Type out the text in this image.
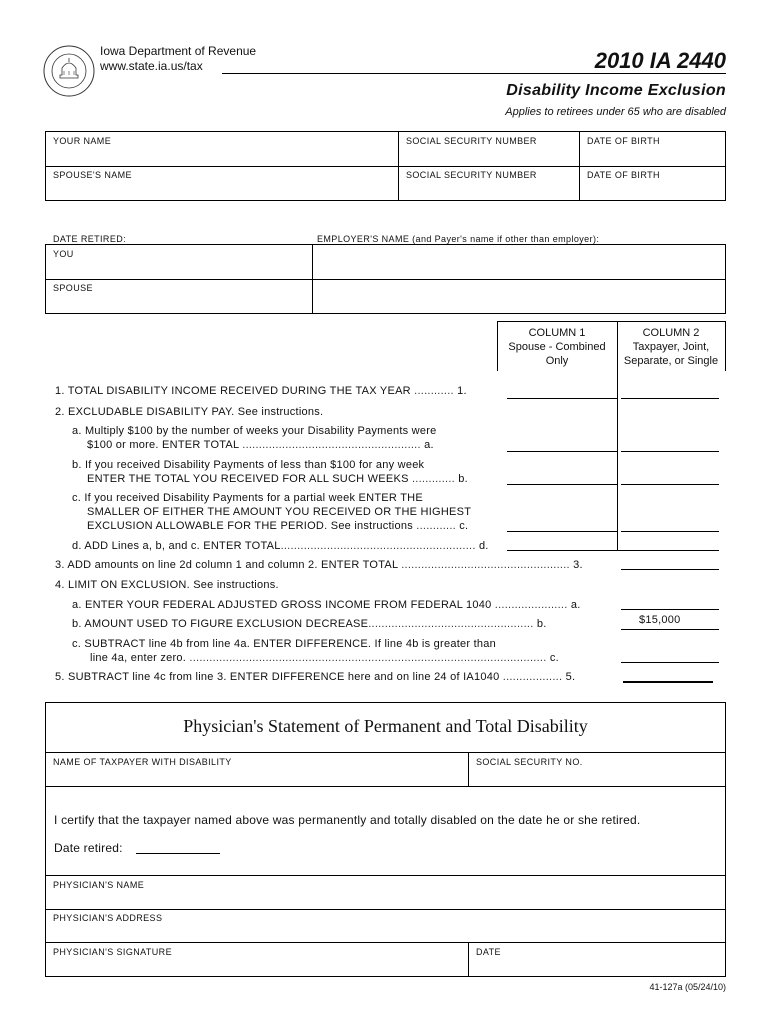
Iowa Department of Revenue
www.state.ia.us/tax	2010 IA 2440
Disability Income Exclusion
Applies to retirees under 65 who are disabled
YOUR NAME	SOCIAL SECURITY NUMBER	DATE OF BIRTH
SPOUSE'S NAME	SOCIAL SECURITY NUMBER	DATE OF BIRTH
DATE RETIRED:	EMPLOYER'S NAME (and Payer's name if other than employer):
YOU
SPOUSE
COLUMN 1
Spouse - Combined
Only
COLUMN 2
Taxpayer, Joint,
Separate, or Single
1. TOTAL DISABILITY INCOME RECEIVED DURING THE TAX YEAR ............ 1.
2. EXCLUDABLE DISABILITY PAY. See instructions.
a. Multiply $100 by the number of weeks your Disability Payments were
$100 or more. ENTER TOTAL ...................................................... a.
b. If you received Disability Payments of less than $100 for any week
ENTER THE TOTAL YOU RECEIVED FOR ALL SUCH WEEKS ............. b.
c. If you received Disability Payments for a partial week ENTER THE
SMALLER OF EITHER THE AMOUNT YOU RECEIVED OR THE HIGHEST
EXCLUSION ALLOWABLE FOR THE PERIOD. See instructions ............ c.
d. ADD Lines a, b, and c. ENTER TOTAL........................................................... d.
3. ADD amounts on line 2d column 1 and column 2. ENTER TOTAL ................................................... 3.
4. LIMIT ON EXCLUSION. See instructions.
a. ENTER YOUR FEDERAL ADJUSTED GROSS INCOME FROM FEDERAL 1040 ...................... a.
b. AMOUNT USED TO FIGURE EXCLUSION DECREASE.................................................. b.	$15,000
c. SUBTRACT line 4b from line 4a. ENTER DIFFERENCE. If line 4b is greater than
line 4a, enter zero. ............................................................................................................ c.
5. SUBTRACT line 4c from line 3. ENTER DIFFERENCE here and on line 24 of IA1040 .................. 5.
Physician's Statement of Permanent and Total Disability
NAME OF TAXPAYER WITH DISABILITY	SOCIAL SECURITY NO.
I certify that the taxpayer named above was permanently and totally disabled on the date he or she retired.
Date retired:
PHYSICIAN'S NAME
PHYSICIAN'S ADDRESS
PHYSICIAN'S SIGNATURE	DATE
41-127a (05/24/10)
